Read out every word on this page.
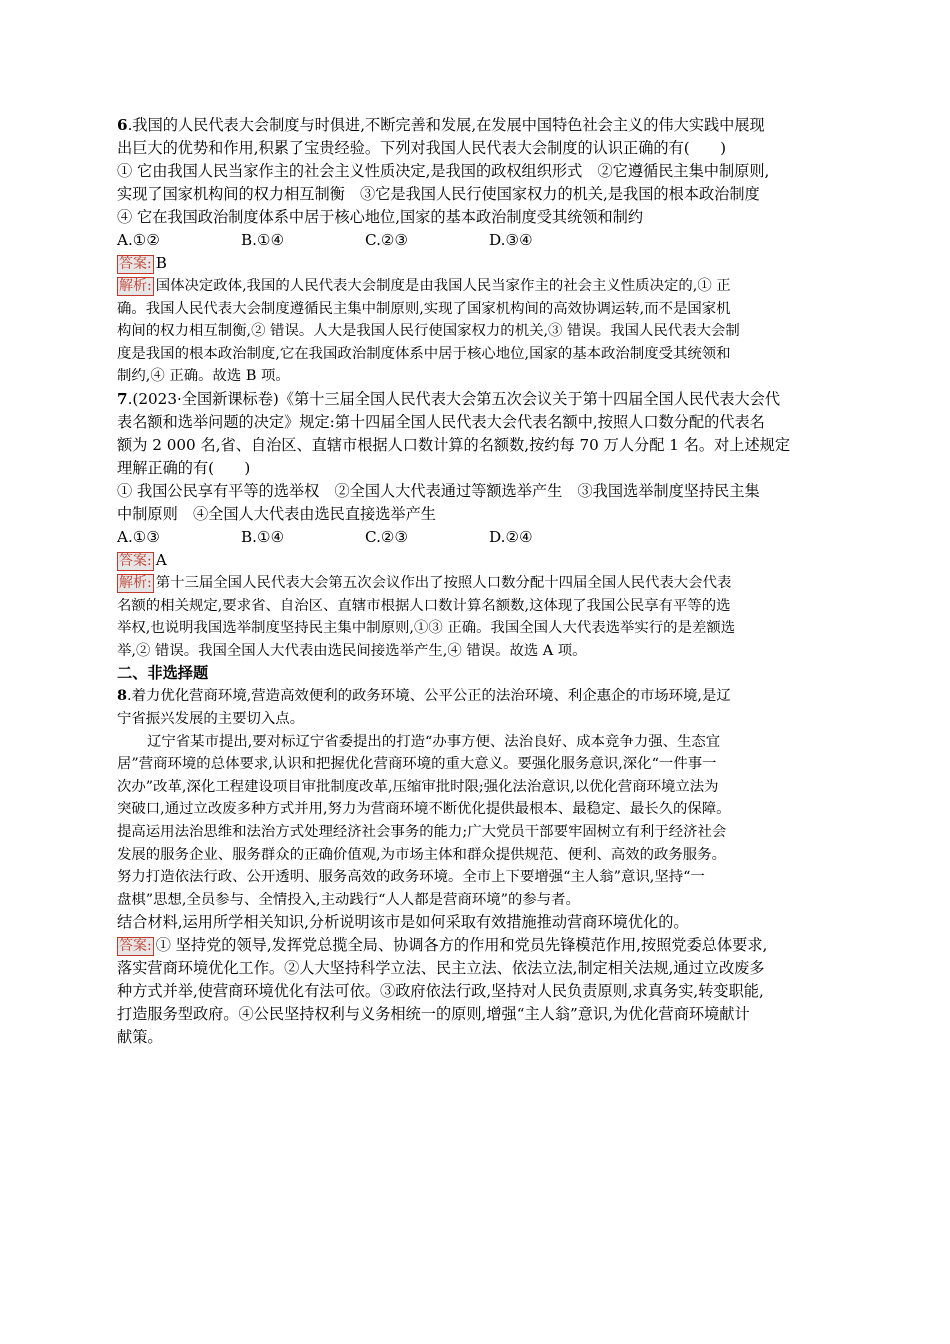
6.我国的人民代表大会制度与时俱进,不断完善和发展,在发展中国特色社会主义的伟大实践中展现

出巨大的优势和作用,积累了宝贵经验。下列对我国人民代表大会制度的认识正确的有(　　)

① 它由我国人民当家作主的社会主义性质决定,是我国的政权组织形式　②它遵循民主集中制原则,

实现了国家机构间的权力相互制衡　③它是我国人民行使国家权力的机关,是我国的根本政治制度

④ 它在我国政治制度体系中居于核心地位,国家的基本政治制度受其统领和制约

A.①②	B.①④	C.②③	D.③④

答案: B

解析: 国体决定政体,我国的人民代表大会制度是由我国人民当家作主的社会主义性质决定的,① 正

确。我国人民代表大会制度遵循民主集中制原则,实现了国家机构间的高效协调运转,而不是国家机

构间的权力相互制衡,② 错误。人大是我国人民行使国家权力的机关,③ 错误。我国人民代表大会制

度是我国的根本政治制度,它在我国政治制度体系中居于核心地位,国家的基本政治制度受其统领和

制约,④ 正确。故选 B 项。

7.(2023·全国新课标卷)《第十三届全国人民代表大会第五次会议关于第十四届全国人民代表大会代

表名额和选举问题的决定》规定:第十四届全国人民代表大会代表名额中,按照人口数分配的代表名

额为 2 000 名,省、自治区、直辖市根据人口数计算的名额数,按约每 70 万人分配 1 名。对上述规定

理解正确的有(　　)

① 我国公民享有平等的选举权　②全国人大代表通过等额选举产生　③我国选举制度坚持民主集

中制原则　④全国人大代表由选民直接选举产生

A.①③	B.①④	C.②③	D.②④

答案: A

解析: 第十三届全国人民代表大会第五次会议作出了按照人口数分配十四届全国人民代表大会代表

名额的相关规定,要求省、自治区、直辖市根据人口数计算名额数,这体现了我国公民享有平等的选

举权,也说明我国选举制度坚持民主集中制原则,①③ 正确。我国全国人大代表选举实行的是差额选

举,② 错误。我国全国人大代表由选民间接选举产生,④ 错误。故选 A 项。

二、非选择题

8.着力优化营商环境,营造高效便利的政务环境、公平公正的法治环境、利企惠企的市场环境,是辽

宁省振兴发展的主要切入点。

辽宁省某市提出,要对标辽宁省委提出的打造“办事方便、法治良好、成本竞争力强、生态宜

居”营商环境的总体要求,认识和把握优化营商环境的重大意义。要强化服务意识,深化“一件事一

次办”改革,深化工程建设项目审批制度改革,压缩审批时限;强化法治意识,以优化营商环境立法为

突破口,通过立改废多种方式并用,努力为营商环境不断优化提供最根本、最稳定、最长久的保障。

提高运用法治思维和法治方式处理经济社会事务的能力;广大党员干部要牢固树立有利于经济社会

发展的服务企业、服务群众的正确价值观,为市场主体和群众提供规范、便利、高效的政务服务。

努力打造依法行政、公开透明、服务高效的政务环境。全市上下要增强“主人翁”意识,坚持“一

盘棋”思想,全员参与、全情投入,主动践行“人人都是营商环境”的参与者。

结合材料,运用所学相关知识,分析说明该市是如何采取有效措施推动营商环境优化的。

答案: ① 坚持党的领导,发挥党总揽全局、协调各方的作用和党员先锋模范作用,按照党委总体要求,

落实营商环境优化工作。②人大坚持科学立法、民主立法、依法立法,制定相关法规,通过立改废多

种方式并举,使营商环境优化有法可依。③政府依法行政,坚持对人民负责原则,求真务实,转变职能,

打造服务型政府。④公民坚持权利与义务相统一的原则,增强“主人翁”意识,为优化营商环境献计

献策。
